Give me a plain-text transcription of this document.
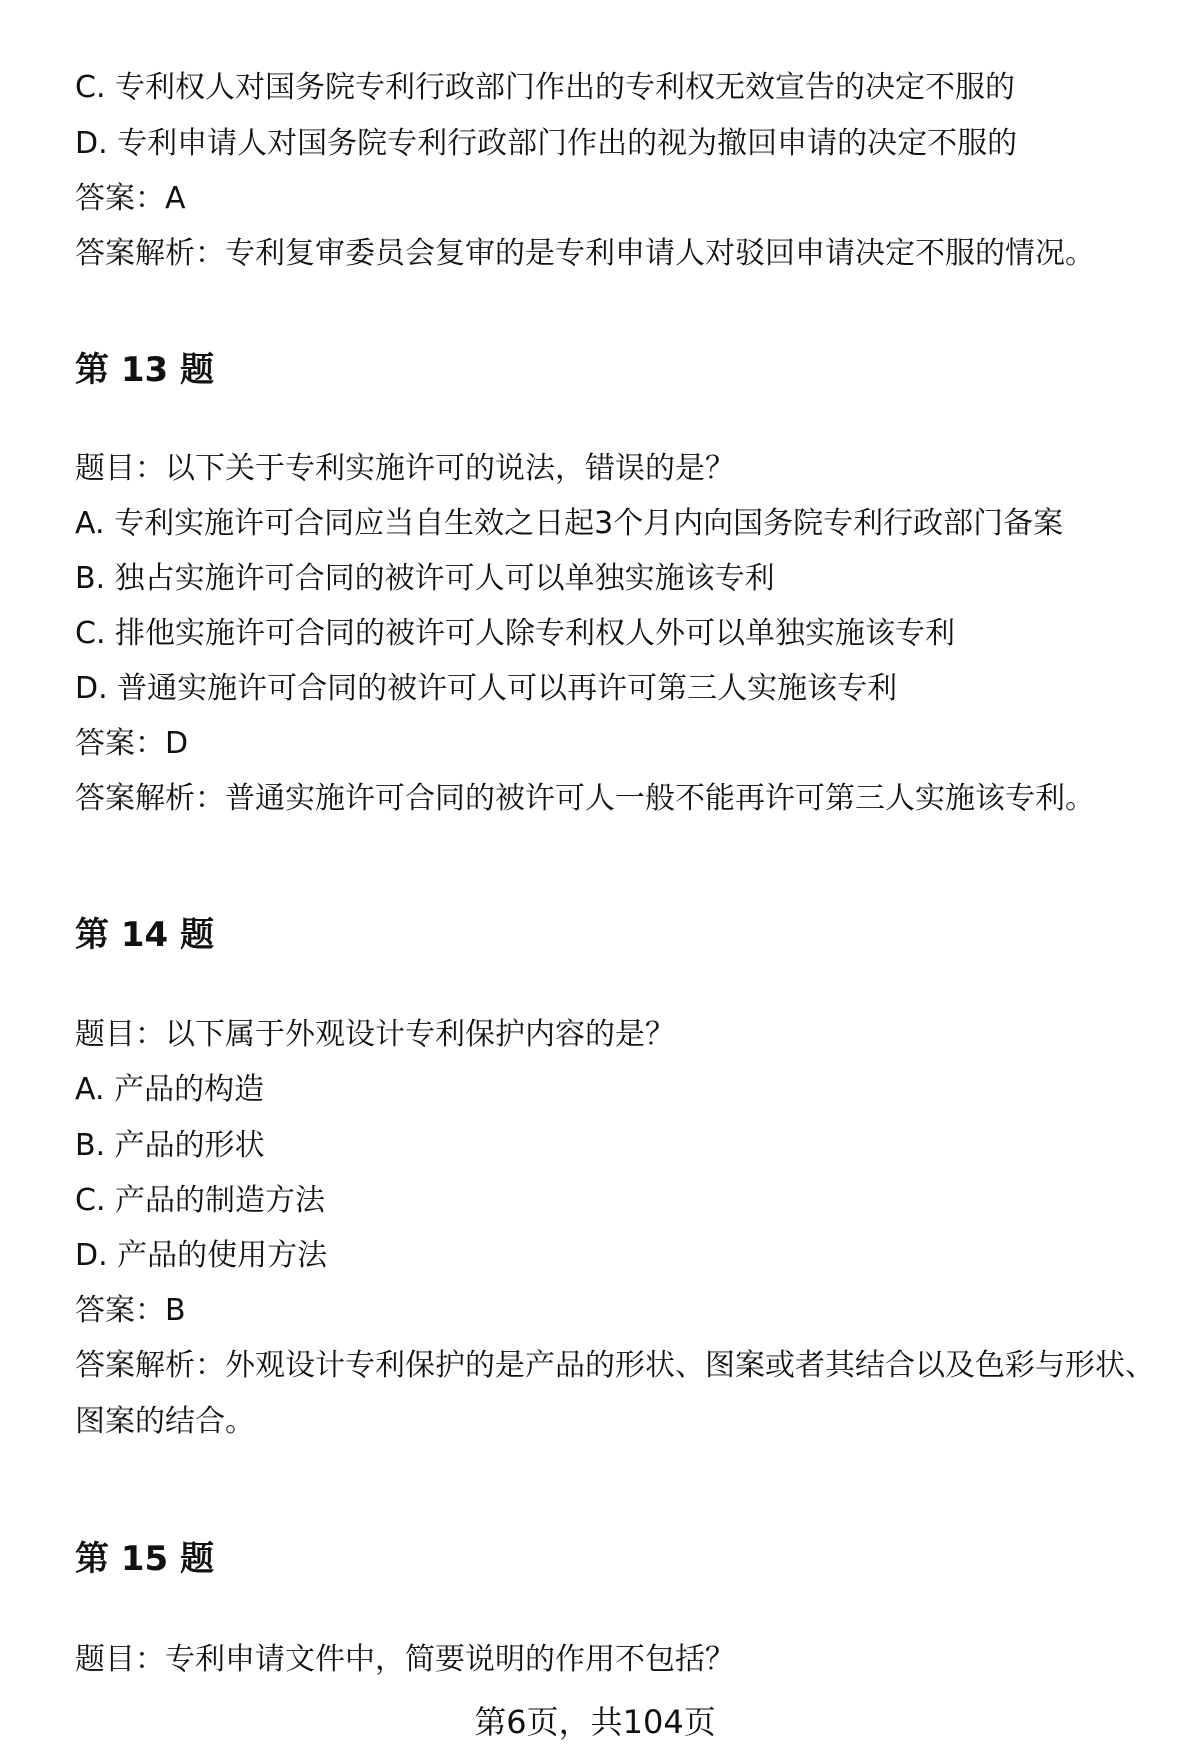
C. 专利权人对国务院专利行政部门作出的专利权无效宣告的决定不服的
D. 专利申请人对国务院专利行政部门作出的视为撤回申请的决定不服的
答案：A
答案解析：专利复审委员会复审的是专利申请人对驳回申请决定不服的情况。
第 13 题
题目：以下关于专利实施许可的说法，错误的是？
A. 专利实施许可合同应当自生效之日起3个月内向国务院专利行政部门备案
B. 独占实施许可合同的被许可人可以单独实施该专利
C. 排他实施许可合同的被许可人除专利权人外可以单独实施该专利
D. 普通实施许可合同的被许可人可以再许可第三人实施该专利
答案：D
答案解析：普通实施许可合同的被许可人一般不能再许可第三人实施该专利。
第 14 题
题目：以下属于外观设计专利保护内容的是？
A. 产品的构造
B. 产品的形状
C. 产品的制造方法
D. 产品的使用方法
答案：B
答案解析：外观设计专利保护的是产品的形状、图案或者其结合以及色彩与形状、
图案的结合。
第 15 题
题目：专利申请文件中，简要说明的作用不包括？
第6页，共104页
